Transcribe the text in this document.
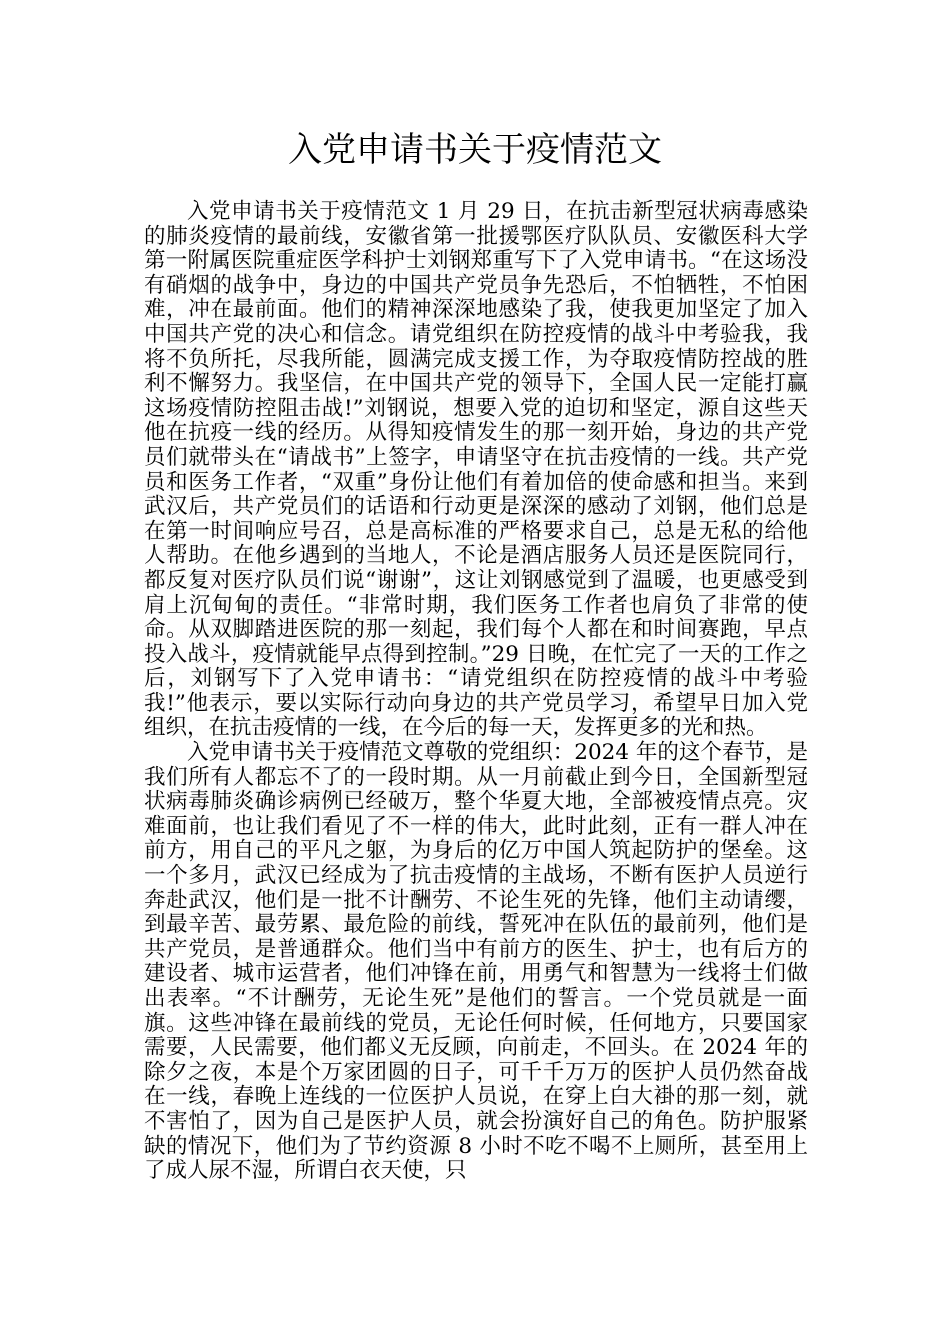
入党申请书关于疫情范文

入党申请书关于疫情范文 1 月 29 日，在抗击新型冠状病毒感染的肺炎疫情的最前线，安徽省第一批援鄂医疗队队员、安徽医科大学第一附属医院重症医学科护士刘钢郑重写下了入党申请书。“在这场没有硝烟的战争中，身边的中国共产党员争先恐后，不怕牺牲，不怕困难，冲在最前面。他们的精神深深地感染了我，使我更加坚定了加入中国共产党的决心和信念。请党组织在防控疫情的战斗中考验我，我将不负所托，尽我所能，圆满完成支援工作，为夺取疫情防控战的胜利不懈努力。我坚信，在中国共产党的领导下，全国人民一定能打赢这场疫情防控阻击战!”刘钢说，想要入党的迫切和坚定，源自这些天他在抗疫一线的经历。从得知疫情发生的那一刻开始，身边的共产党员们就带头在“请战书”上签字，申请坚守在抗击疫情的一线。共产党员和医务工作者，“双重”身份让他们有着加倍的使命感和担当。来到武汉后，共产党员们的话语和行动更是深深的感动了刘钢，他们总是在第一时间响应号召，总是高标准的严格要求自己，总是无私的给他人帮助。在他乡遇到的当地人，不论是酒店服务人员还是医院同行，都反复对医疗队员们说“谢谢”，这让刘钢感觉到了温暖，也更感受到肩上沉甸甸的责任。“非常时期，我们医务工作者也肩负了非常的使命。从双脚踏进医院的那一刻起，我们每个人都在和时间赛跑，早点投入战斗，疫情就能早点得到控制。”29 日晚，在忙完了一天的工作之后，刘钢写下了入党申请书：“请党组织在防控疫情的战斗中考验我!”他表示，要以实际行动向身边的共产党员学习，希望早日加入党组织，在抗击疫情的一线，在今后的每一天，发挥更多的光和热。

入党申请书关于疫情范文尊敬的党组织：2024 年的这个春节，是我们所有人都忘不了的一段时期。从一月前截止到今日，全国新型冠状病毒肺炎确诊病例已经破万，整个华夏大地，全部被疫情点亮。灾难面前，也让我们看见了不一样的伟大，此时此刻，正有一群人冲在前方，用自己的平凡之躯，为身后的亿万中国人筑起防护的堡垒。这一个多月，武汉已经成为了抗击疫情的主战场，不断有医护人员逆行奔赴武汉，他们是一批不计酬劳、不论生死的先锋，他们主动请缨，到最辛苦、最劳累、最危险的前线，誓死冲在队伍的最前列，他们是共产党员，是普通群众。他们当中有前方的医生、护士，也有后方的建设者、城市运营者，他们冲锋在前，用勇气和智慧为一线将士们做出表率。“不计酬劳，无论生死”是他们的誓言。一个党员就是一面旗。这些冲锋在最前线的党员，无论任何时候，任何地方，只要国家需要，人民需要，他们都义无反顾，向前走，不回头。在 2024 年的除夕之夜，本是个万家团圆的日子，可千千万万的医护人员仍然奋战在一线，春晚上连线的一位医护人员说，在穿上白大褂的那一刻，就不害怕了，因为自己是医护人员，就会扮演好自己的角色。防护服紧缺的情况下，他们为了节约资源 8 小时不吃不喝不上厕所，甚至用上了成人尿不湿，所谓白衣天使，只
